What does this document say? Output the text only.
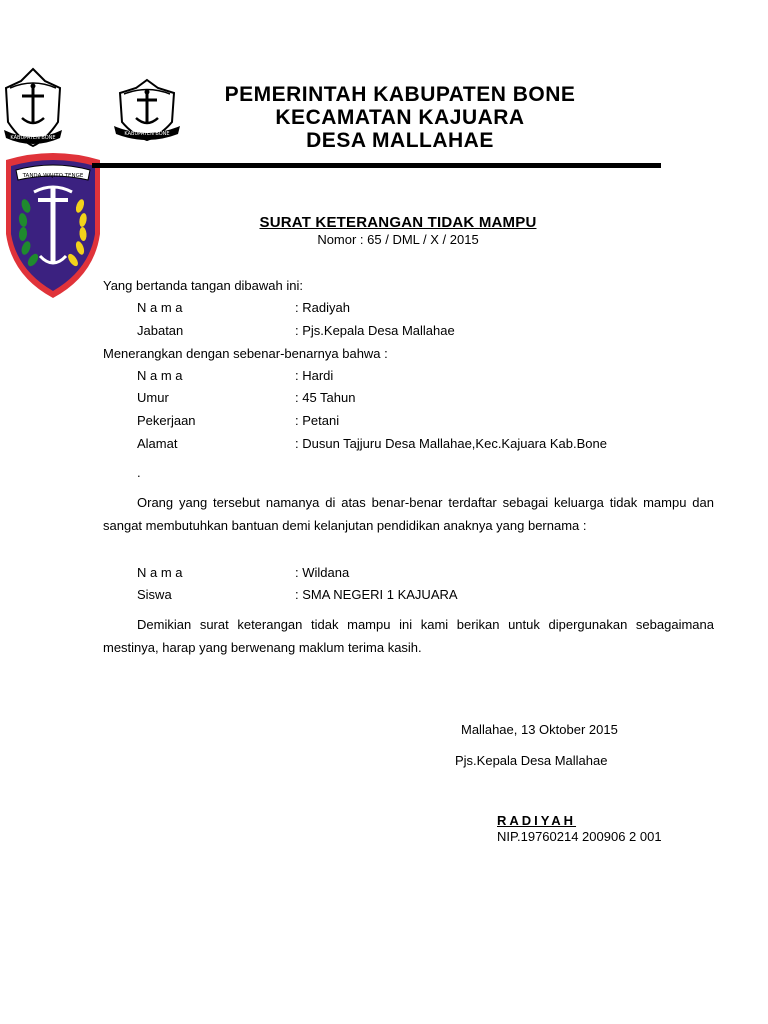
KABUPATEN BONE
KABUPATEN BONE
TANDA WAJITO TENGE
PEMERINTAH KABUPATEN BONE
KECAMATAN KAJUARA
DESA MALLAHAE
SURAT KETERANGAN TIDAK MAMPU
Nomor : 65 / DML / X / 2015
Yang bertanda tangan dibawah ini:
N a m a	: Radiyah
Jabatan	: Pjs.Kepala Desa Mallahae
Menerangkan dengan sebenar-benarnya bahwa :
N a m a	: Hardi
Umur	: 45 Tahun
Pekerjaan	: Petani
Alamat	: Dusun Tajjuru Desa Mallahae,Kec.Kajuara Kab.Bone
.
Orang yang tersebut namanya di atas benar-benar terdaftar sebagai keluarga tidak mampu dan sangat membutuhkan bantuan demi kelanjutan pendidikan anaknya yang bernama :
N a m a	: Wildana
Siswa	: SMA NEGERI 1 KAJUARA
Demikian surat keterangan tidak mampu ini kami berikan untuk dipergunakan sebagaimana mestinya, harap yang berwenang maklum terima kasih.
Mallahae, 13 Oktober 2015
Pjs.Kepala Desa Mallahae
RADIYAH
NIP.19760214 200906 2 001
